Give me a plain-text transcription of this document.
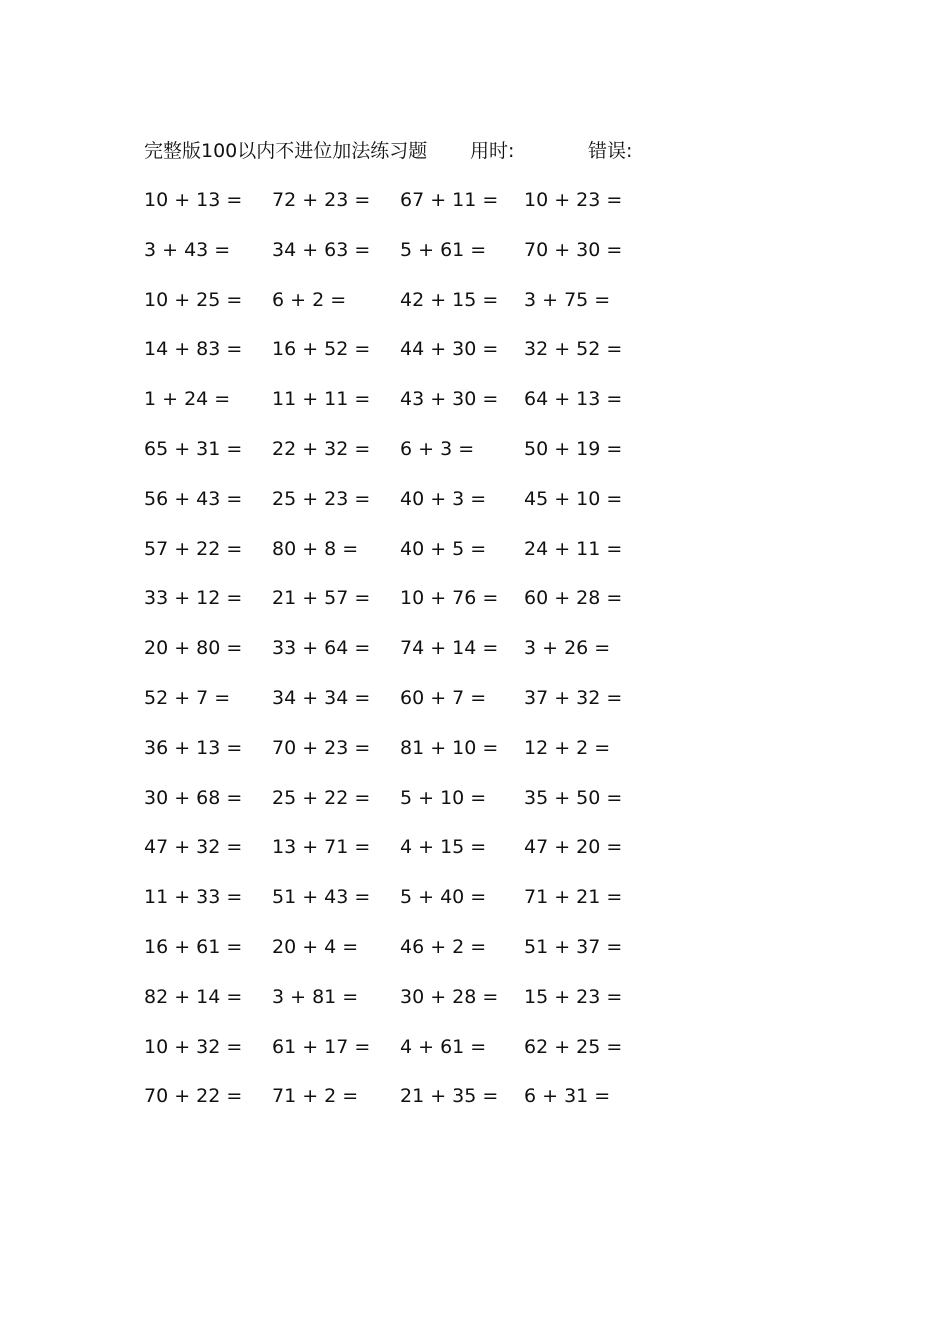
完整版100以内不进位加法练习题 用时:	错误:
10 + 13 = 72 + 23 = 67 + 11 = 10 + 23 =
3 + 43 = 34 + 63 = 5 + 61 = 70 + 30 =
10 + 25 = 6 + 2 =	42 + 15 = 3 + 75 =
14 + 83 = 16 + 52 = 44 + 30 = 32 + 52 =
1 + 24 = 11 + 11 = 43 + 30 = 64 + 13 =
65 + 31 = 22 + 32 = 6 + 3 =	50 + 19 =
56 + 43 = 25 + 23 = 40 + 3 = 45 + 10 =
57 + 22 = 80 + 8 = 40 + 5 = 24 + 11 =
33 + 12 = 21 + 57 = 10 + 76 = 60 + 28 =
20 + 80 = 33 + 64 = 74 + 14 = 3 + 26 =
52 + 7 = 34 + 34 = 60 + 7 = 37 + 32 =
36 + 13 = 70 + 23 = 81 + 10 = 12 + 2 =
30 + 68 = 25 + 22 = 5 + 10 = 35 + 50 =
47 + 32 = 13 + 71 = 4 + 15 = 47 + 20 =
11 + 33 = 51 + 43 = 5 + 40 = 71 + 21 =
16 + 61 = 20 + 4 = 46 + 2 = 51 + 37 =
82 + 14 = 3 + 81 = 30 + 28 = 15 + 23 =
10 + 32 = 61 + 17 = 4 + 61 = 62 + 25 =
70 + 22 = 71 + 2 = 21 + 35 = 6 + 31 =
